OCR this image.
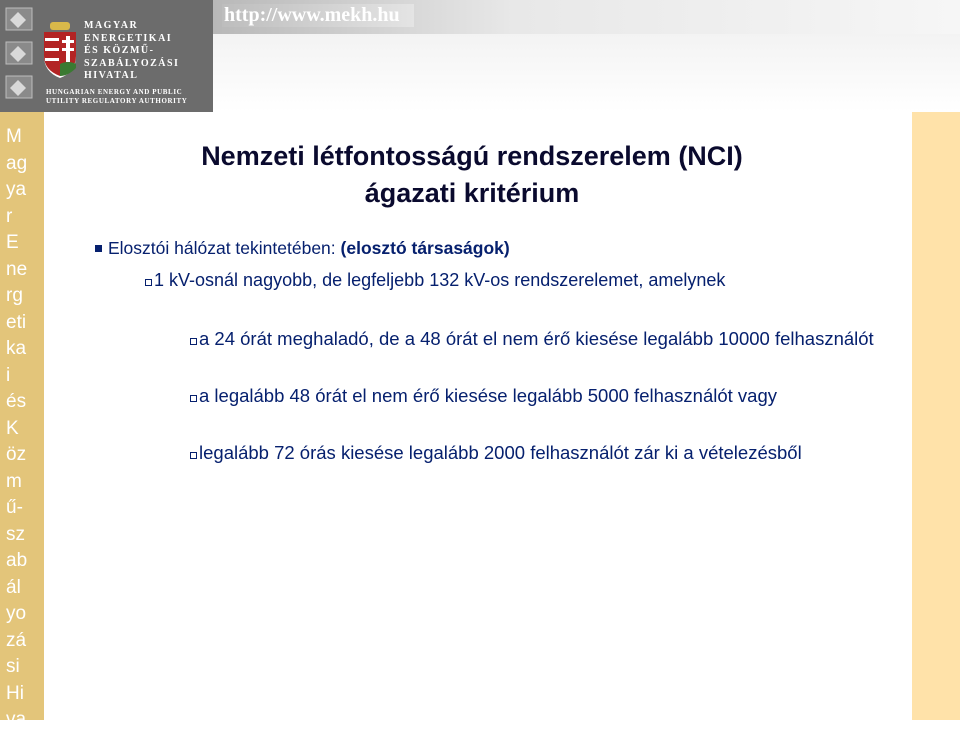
MAGYAR
ENERGETIKAI
ÉS KÖZMŰ-
SZABÁLYOZÁSI
HIVATAL
HUNGARIAN ENERGY AND PUBLIC
UTILITY REGULATORY AUTHORITY
http://www.mekh.hu
M
ag
ya
r
E
ne
rg
eti
ka
i
és
K
öz
m
ű-
sz
ab
ál
yo
zá
si
Hi
va
Nemzeti létfontosságú rendszerelem (NCI)
ágazati kritérium
Elosztói hálózat tekintetében: (elosztó társaságok)
1 kV-osnál nagyobb, de legfeljebb 132 kV-os rendszerelemet, amelynek
a 24 órát meghaladó, de a 48 órát el nem érő kiesése legalább 10000 felhasználót
a legalább 48 órát el nem érő kiesése legalább 5000 felhasználót vagy
legalább 72 órás kiesése legalább 2000 felhasználót zár ki a vételezésből
